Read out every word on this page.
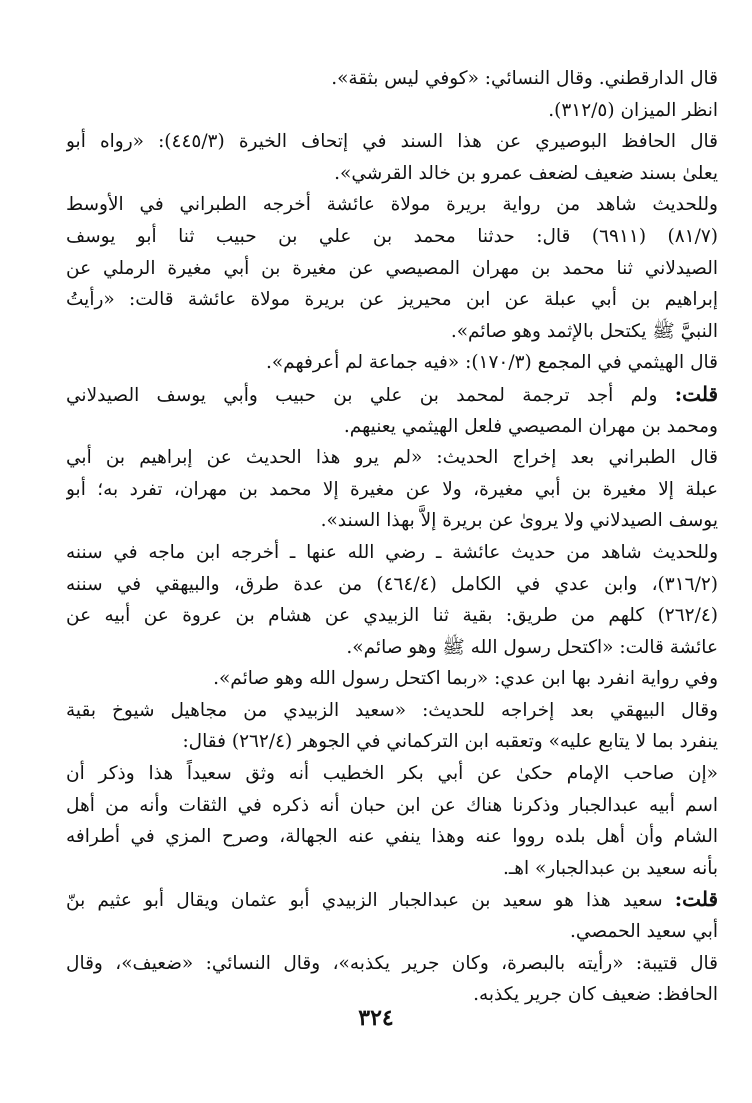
قال الدارقطني. وقال النسائي: «كوفي ليس بثقة».
انظر الميزان (٣١٢/٥).
قال الحافظ البوصيري عن هذا السند في إتحاف الخيرة (٤٤٥/٣): «رواه أبو
يعلىٰ بسند ضعيف لضعف عمرو بن خالد القرشي».
وللحديث شاهد من رواية بريرة مولاة عائشة أخرجه الطبراني في الأوسط
(٨١/٧) (٦٩١١) قال: حدثنا محمد بن علي بن حبيب ثنا أبو يوسف
الصيدلاني ثنا محمد بن مهران المصيصي عن مغيرة بن أبي مغيرة الرملي عن
إبراهيم بن أبي عبلة عن ابن محيريز عن بريرة مولاة عائشة قالت: «رأيتُ
النبيَّ ﷺ يكتحل بالإثمد وهو صائم».
قال الهيثمي في المجمع (١٧٠/٣): «فيه جماعة لم أعرفهم».
قلت: ولم أجد ترجمة لمحمد بن علي بن حبيب وأبي يوسف الصيدلاني
ومحمد بن مهران المصيصي فلعل الهيثمي يعنيهم.
قال الطبراني بعد إخراج الحديث: «لم يرو هذا الحديث عن إبراهيم بن أبي
عبلة إلا مغيرة بن أبي مغيرة، ولا عن مغيرة إلا محمد بن مهران، تفرد به؛ أبو
يوسف الصيدلاني ولا يروىٰ عن بريرة إلاَّ بهذا السند».
وللحديث شاهد من حديث عائشة ـ رضي الله عنها ـ أخرجه ابن ماجه في سننه
(٣١٦/٢)، وابن عدي في الكامل (٤٦٤/٤) من عدة طرق، والبيهقي في سننه
(٢٦٢/٤) كلهم من طريق: بقية ثنا الزبيدي عن هشام بن عروة عن أبيه عن
عائشة قالت: «اكتحل رسول الله ﷺ وهو صائم».
وفي رواية انفرد بها ابن عدي: «ربما اكتحل رسول الله وهو صائم».
وقال البيهقي بعد إخراجه للحديث: «سعيد الزبيدي من مجاهيل شيوخ بقية
ينفرد بما لا يتابع عليه» وتعقبه ابن التركماني في الجوهر (٢٦٢/٤) فقال:
«إن صاحب الإمام حكىٰ عن أبي بكر الخطيب أنه وثق سعيداً هذا وذكر أن
اسم أبيه عبدالجبار وذكرنا هناك عن ابن حبان أنه ذكره في الثقات وأنه من أهل
الشام وأن أهل بلده رووا عنه وهذا ينفي عنه الجهالة، وصرح المزي في أطرافه
بأنه سعيد بن عبدالجبار» اهـ.
قلت: سعيد هذا هو سعيد بن عبدالجبار الزبيدي أبو عثمان ويقال أبو عثيم بنّ
أبي سعيد الحمصي.
قال قتيبة: «رأيته بالبصرة، وكان جرير يكذبه»، وقال النسائي: «ضعيف»، وقال
الحافظ: ضعيف كان جرير يكذبه.
٣٢٤
